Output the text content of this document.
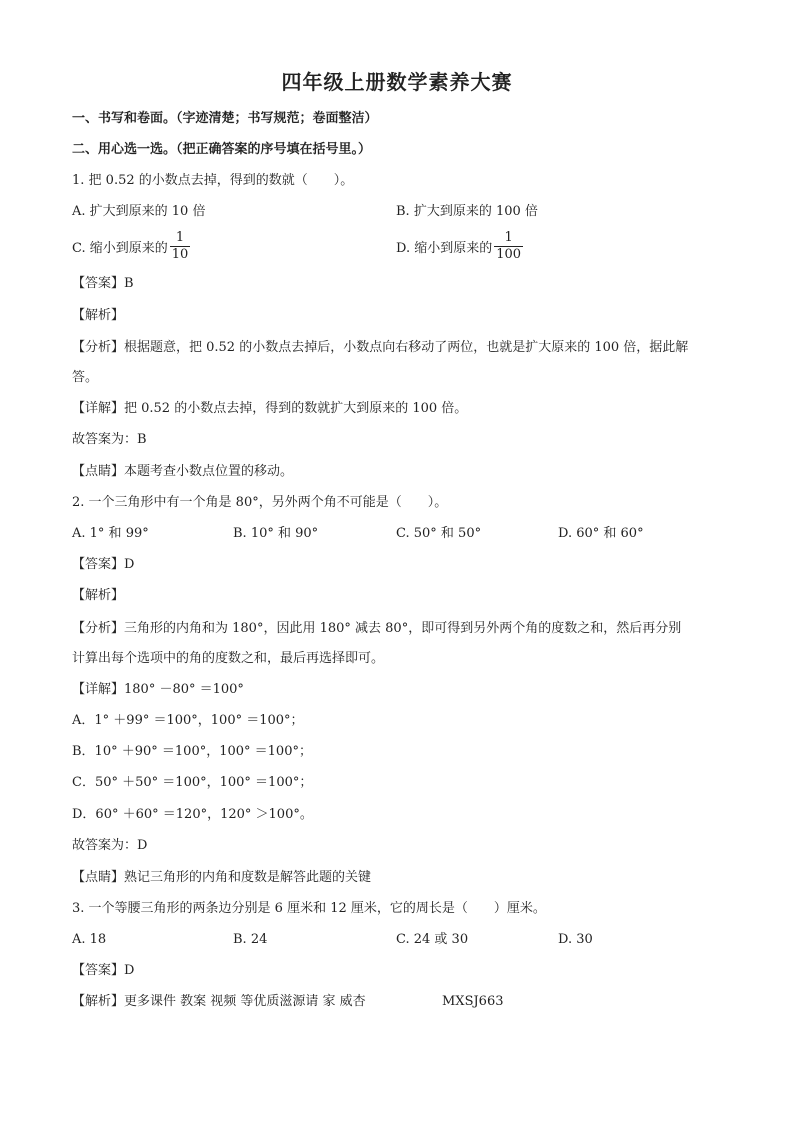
四年级上册数学素养大赛
一、书写和卷面。（字迹清楚；书写规范；卷面整洁）
二、用心选一选。（把正确答案的序号填在括号里。）
1. 把 0.52 的小数点去掉，得到的数就（　　）。
A. 扩大到原来的 10 倍	B. 扩大到原来的 100 倍
C. 缩小到原来的 $\frac{1}{10}$	D. 缩小到原来的 $\frac{1}{100}$
【答案】B
【解析】
【分析】根据题意，把 0.52 的小数点去掉后，小数点向右移动了两位，也就是扩大原来的 100 倍，据此解
答。
【详解】把 0.52 的小数点去掉，得到的数就扩大到原来的 100 倍。
故答案为：B
【点睛】本题考查小数点位置的移动。
2. 一个三角形中有一个角是 80°，另外两个角不可能是（　　）。
A. 1° 和 99°	B. 10° 和 90°	C. 50° 和 50°	D. 60° 和 60°
【答案】D
【解析】
【分析】三角形的内角和为 180°，因此用 180° 减去 80°，即可得到另外两个角的度数之和，然后再分别
计算出每个选项中的角的度数之和，最后再选择即可。
【详解】180° －80° ＝100°
A．1° ＋99° ＝100°，100° ＝100°；
B．10° ＋90° ＝100°，100° ＝100°；
C．50° ＋50° ＝100°，100° ＝100°；
D．60° ＋60° ＝120°，120° ＞100°。
故答案为：D
【点睛】熟记三角形的内角和度数是解答此题的关键
3. 一个等腰三角形的两条边分别是 6 厘米和 12 厘米，它的周长是（　　）厘米。
A. 18	B. 24	C. 24 或 30	D. 30
【答案】D
【解析】更多课件 教案 视频 等优质滋源请 家 威杏	MXSJ663
